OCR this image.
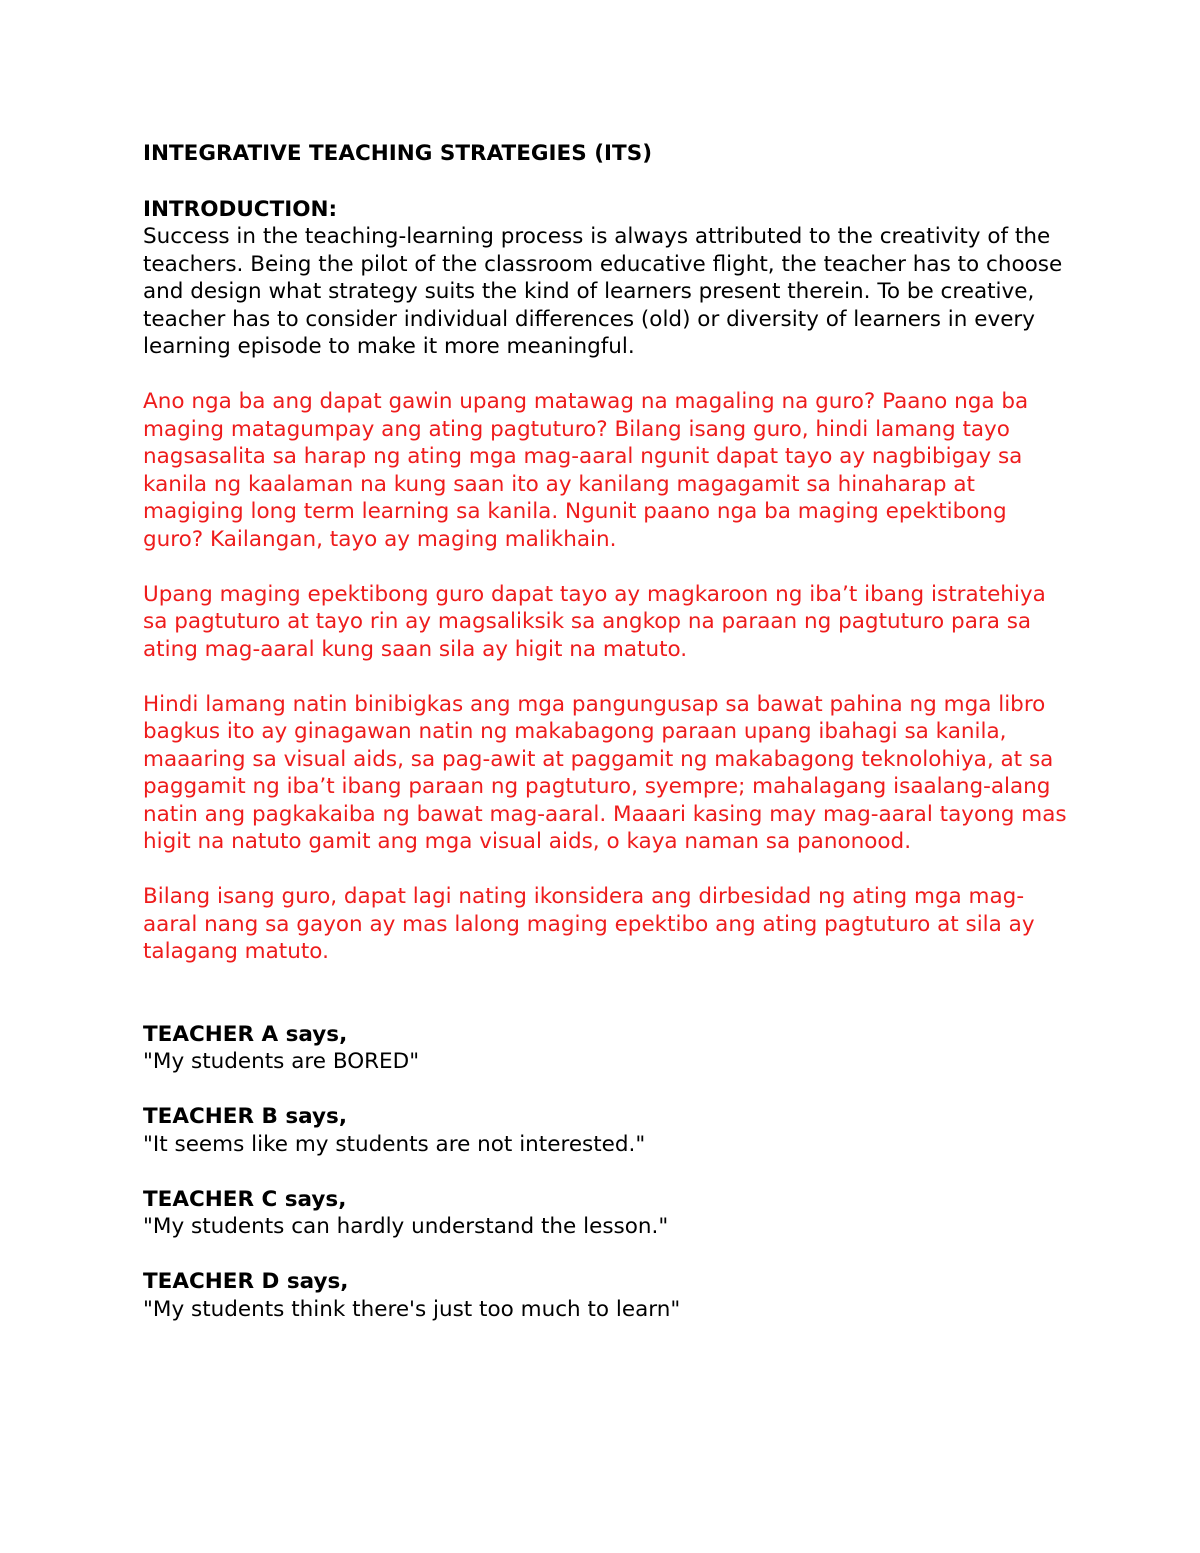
INTEGRATIVE TEACHING STRATEGIES (ITS)

INTRODUCTION:

Success in the teaching-learning process is always attributed to the creativity of the teachers. Being the pilot of the classroom educative flight, the teacher has to choose and design what strategy suits the kind of learners present therein. To be creative, teacher has to consider individual differences (old) or diversity of learners in every learning episode to make it more meaningful.

Ano nga ba ang dapat gawin upang matawag na magaling na guro? Paano nga ba maging matagumpay ang ating pagtuturo? Bilang isang guro, hindi lamang tayo nagsasalita sa harap ng ating mga mag-aaral ngunit dapat tayo ay nagbibigay sa kanila ng kaalaman na kung saan ito ay kanilang magagamit sa hinaharap at magiging long term learning sa kanila. Ngunit paano nga ba maging epektibong guro? Kailangan, tayo ay maging malikhain.

Upang maging epektibong guro dapat tayo ay magkaroon ng iba’t ibang istratehiya sa pagtuturo at tayo rin ay magsaliksik sa angkop na paraan ng pagtuturo para sa ating mag-aaral kung saan sila ay higit na matuto.

Hindi lamang natin binibigkas ang mga pangungusap sa bawat pahina ng mga libro bagkus ito ay ginagawan natin ng makabagong paraan upang ibahagi sa kanila, maaaring sa visual aids, sa pag-awit at paggamit ng makabagong teknolohiya, at sa paggamit ng iba’t ibang paraan ng pagtuturo, syempre; mahalagang isaalang-alang natin ang pagkakaiba ng bawat mag-aaral. Maaari kasing may mag-aaral tayong mas higit na natuto gamit ang mga visual aids, o kaya naman sa panonood.

Bilang isang guro, dapat lagi nating ikonsidera ang dirbesidad ng ating mga mag-aaral nang sa gayon ay mas lalong maging epektibo ang ating pagtuturo at sila ay talagang matuto.

TEACHER A says,

"My students are BORED"

TEACHER B says,

"It seems like my students are not interested."

TEACHER C says,

"My students can hardly understand the lesson."

TEACHER D says,

"My students think there's just too much to learn"
